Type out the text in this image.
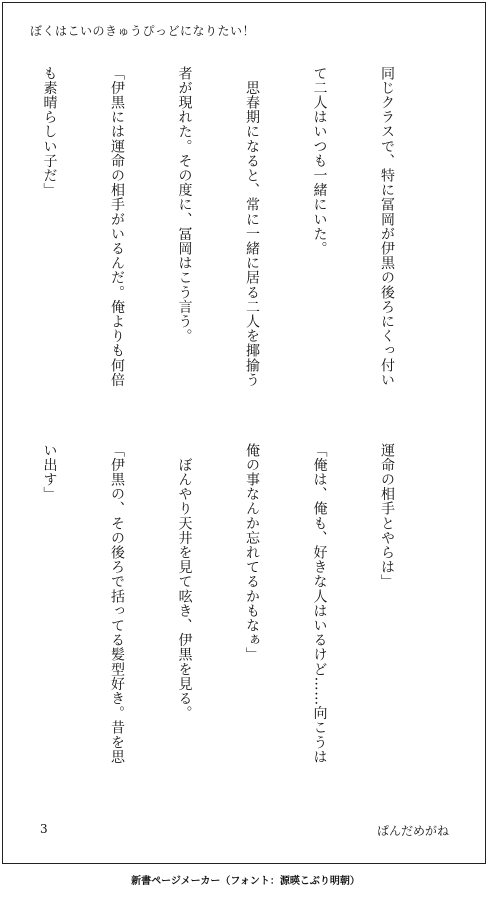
ぼくはこいのきゅうぴっどになりたい！

同じクラスで、特に冨岡が伊黒の後ろにくっ付い

て二人はいつも一緒にいた。

　思春期になると、常に一緒に居る二人を揶揄う

者が現れた。その度に、冨岡はこう言う。

「伊黒には運命の相手がいるんだ。俺よりも何倍

も素晴らしい子だ」

運命の相手とやらは」

「俺は、俺も、好きな人はいるけど……向こうは

俺の事なんか忘れてるかもなぁ」

　ぼんやり天井を見て呟き、伊黒を見る。

「伊黒の、その後ろで括ってる髪型好き。昔を思

い出す」

3	ぱんだめがね
新書ページメーカー（フォント：源暎こぶり明朝）
